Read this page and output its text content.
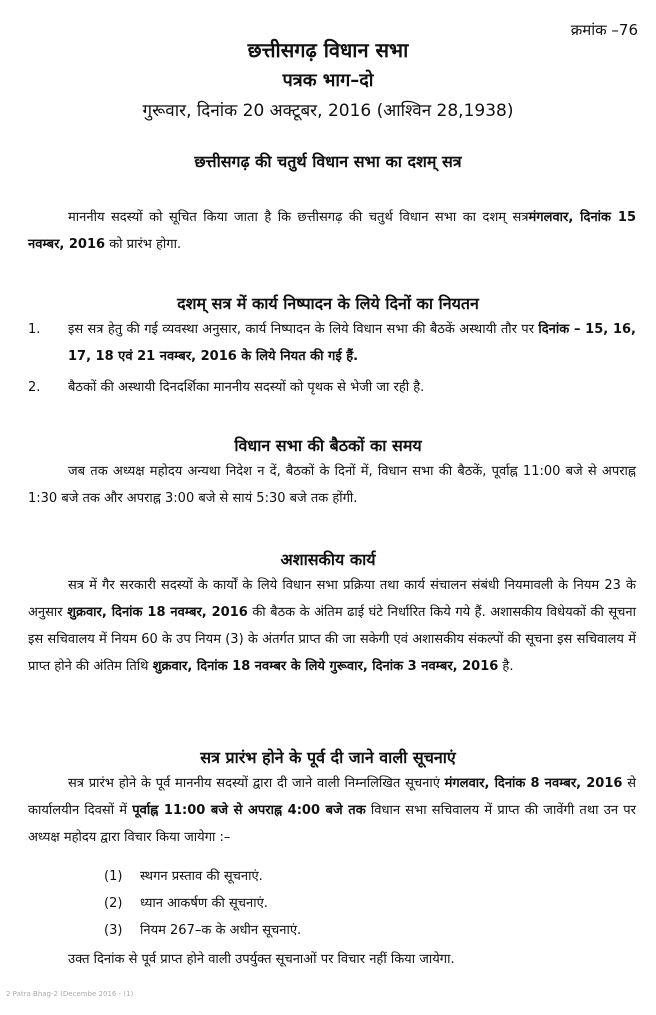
क्रमांक –76
छत्तीसगढ़ विधान सभा
पत्रक भाग–दो
गुरूवार, दिनांक 20 अक्टूबर, 2016 (आश्विन 28,1938)
छत्तीसगढ़ की चतुर्थ विधान सभा का दशम् सत्र
माननीय सदस्यों को सूचित किया जाता है कि छत्तीसगढ़ की चतुर्थ विधान सभा का दशम् सत्रमंगलवार, दिनांक 15 नवम्बर, 2016 को प्रारंभ होगा.
दशम् सत्र में कार्य निष्पादन के लिये दिनों का नियतन
1. इस सत्र हेतु की गई व्यवस्था अनुसार, कार्य निष्पादन के लिये विधान सभा की बैठकें अस्थायी तौर पर दिनांक – 15, 16, 17, 18 एवं 21 नवम्बर, 2016 के लिये नियत की गई हैं.
2. बैठकों की अस्थायी दिनदर्शिका माननीय सदस्यों को पृथक से भेजी जा रही है.
विधान सभा की बैठकों का समय
जब तक अध्यक्ष महोदय अन्यथा निदेश न दें, बैठकों के दिनों में, विधान सभा की बैठकें, पूर्वाह्न 11:00 बजे से अपराह्न 1:30 बजे तक और अपराह्न 3:00 बजे से सायं 5:30 बजे तक होंगी.
अशासकीय कार्य
सत्र में गैर सरकारी सदस्यों के कार्यों के लिये विधान सभा प्रक्रिया तथा कार्य संचालन संबंधी नियमावली के नियम 23 के अनुसार शुक्रवार, दिनांक 18 नवम्बर, 2016 की बैठक के अंतिम ढाई घंटे निर्धारित किये गये हैं. अशासकीय विधेयकों की सूचना इस सचिवालय में नियम 60 के उप नियम (3) के अंतर्गत प्राप्त की जा सकेगी एवं अशासकीय संकल्पों की सूचना इस सचिवालय में प्राप्त होने की अंतिम तिथि शुक्रवार, दिनांक 18 नवम्बर के लिये गुरूवार, दिनांक 3 नवम्बर, 2016 है.
सत्र प्रारंभ होने के पूर्व दी जाने वाली सूचनाएं
सत्र प्रारंभ होने के पूर्व माननीय सदस्यों द्वारा दी जाने वाली निम्नलिखित सूचनाएं मंगलवार, दिनांक 8 नवम्बर, 2016 से कार्यालयीन दिवसों में पूर्वाह्न 11:00 बजे से अपराह्न 4:00 बजे तक विधान सभा सचिवालय में प्राप्त की जावेंगी तथा उन पर अध्यक्ष महोदय द्वारा विचार किया जायेगा :–
(1) स्थगन प्रस्ताव की सूचनाएं.
(2) ध्यान आकर्षण की सूचनाएं.
(3) नियम 267–क के अधीन सूचनाएं.
उक्त दिनांक से पूर्व प्राप्त होने वाली उपर्युक्त सूचनाओं पर विचार नहीं किया जायेगा.
2 Patra Bhag-2 (Decembe 2016 - (1)
